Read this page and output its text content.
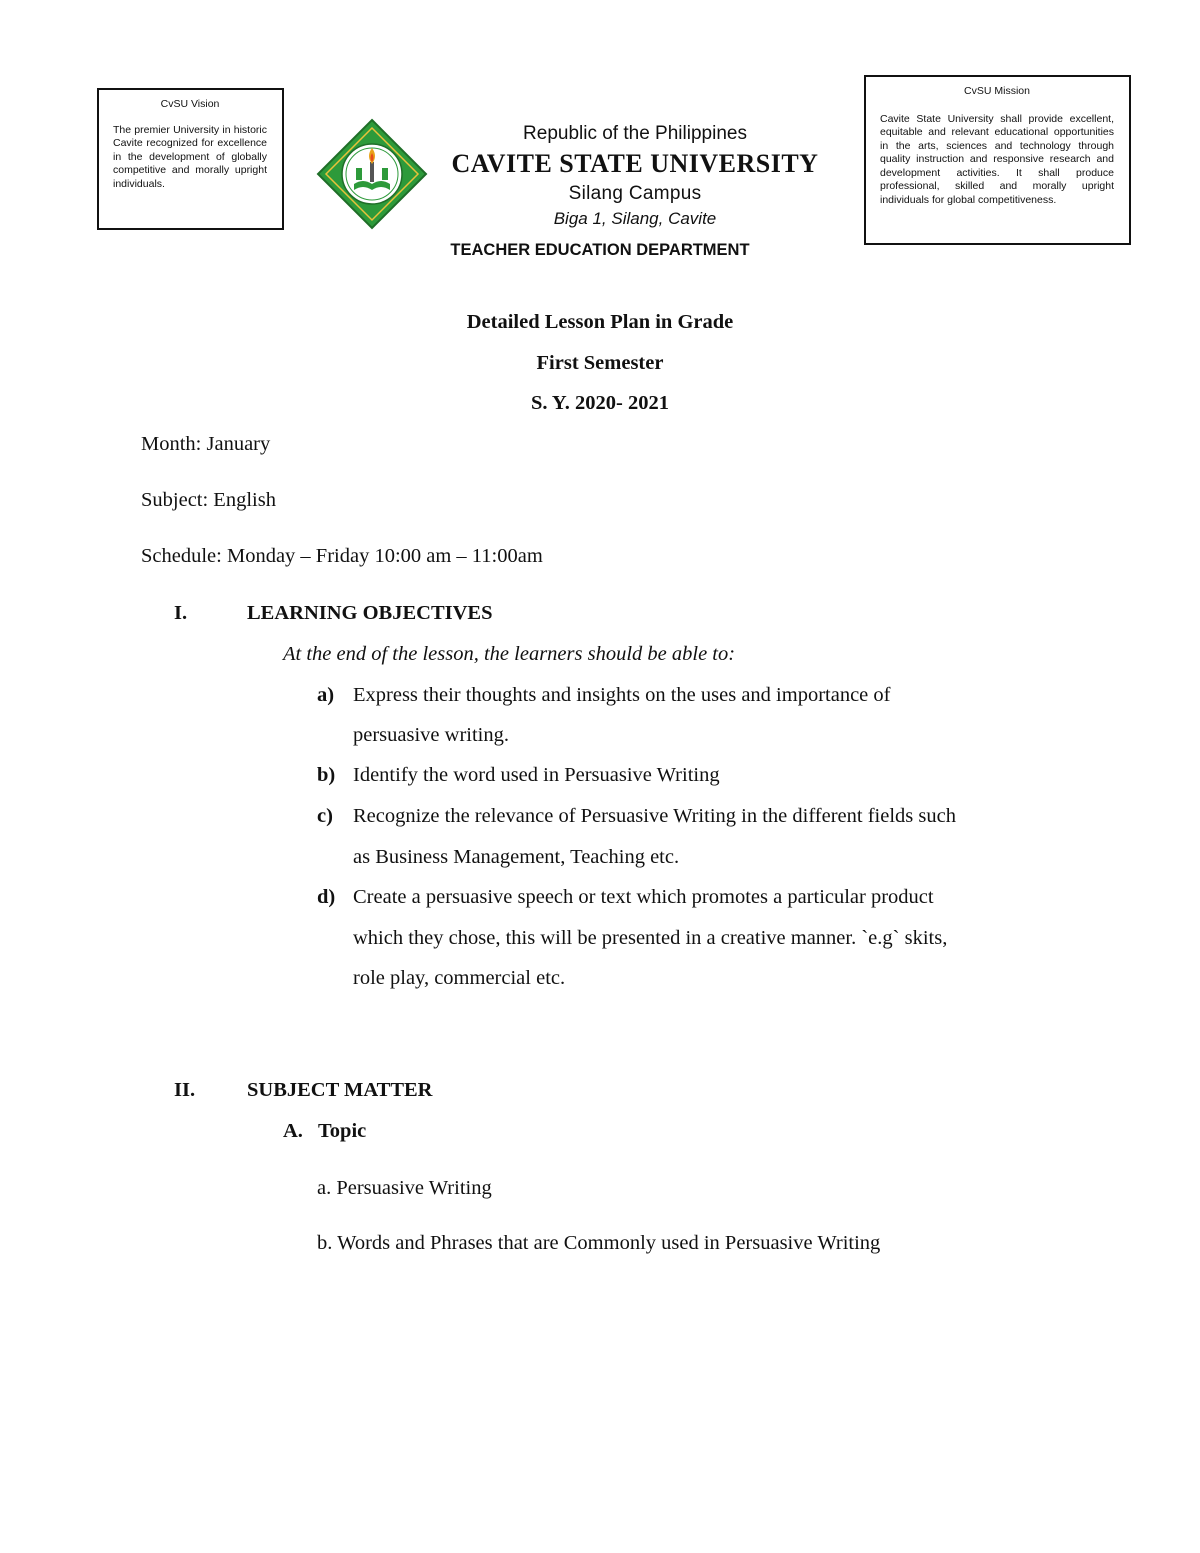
CvSU Vision
The premier University in historic Cavite recognized for excellence in the development of globally competitive and morally upright individuals.
CvSU Mission
Cavite State University shall provide excellent, equitable and relevant educational opportunities in the arts, sciences and technology through quality instruction and responsive research and development activities. It shall produce professional, skilled and morally upright individuals for global competitiveness.
Republic of the Philippines
CAVITE STATE UNIVERSITY
Silang Campus
Biga 1, Silang, Cavite
TEACHER EDUCATION DEPARTMENT
Detailed Lesson Plan in Grade
First Semester
S. Y. 2020- 2021
Month: January
Subject: English
Schedule: Monday – Friday 10:00 am – 11:00am
I.	LEARNING OBJECTIVES
At the end of the lesson, the learners should be able to:
a) Express their thoughts and insights on the uses and importance of
persuasive writing.
b) Identify the word used in Persuasive Writing
c) Recognize the relevance of Persuasive Writing in the different fields such
as Business Management, Teaching etc.
d) Create a persuasive speech or text which promotes a particular product
which they chose, this will be presented in a creative manner. `e.g` skits,
role play, commercial etc.
II.	SUBJECT MATTER
A. Topic
a. Persuasive Writing
b. Words and Phrases that are Commonly used in Persuasive Writing
